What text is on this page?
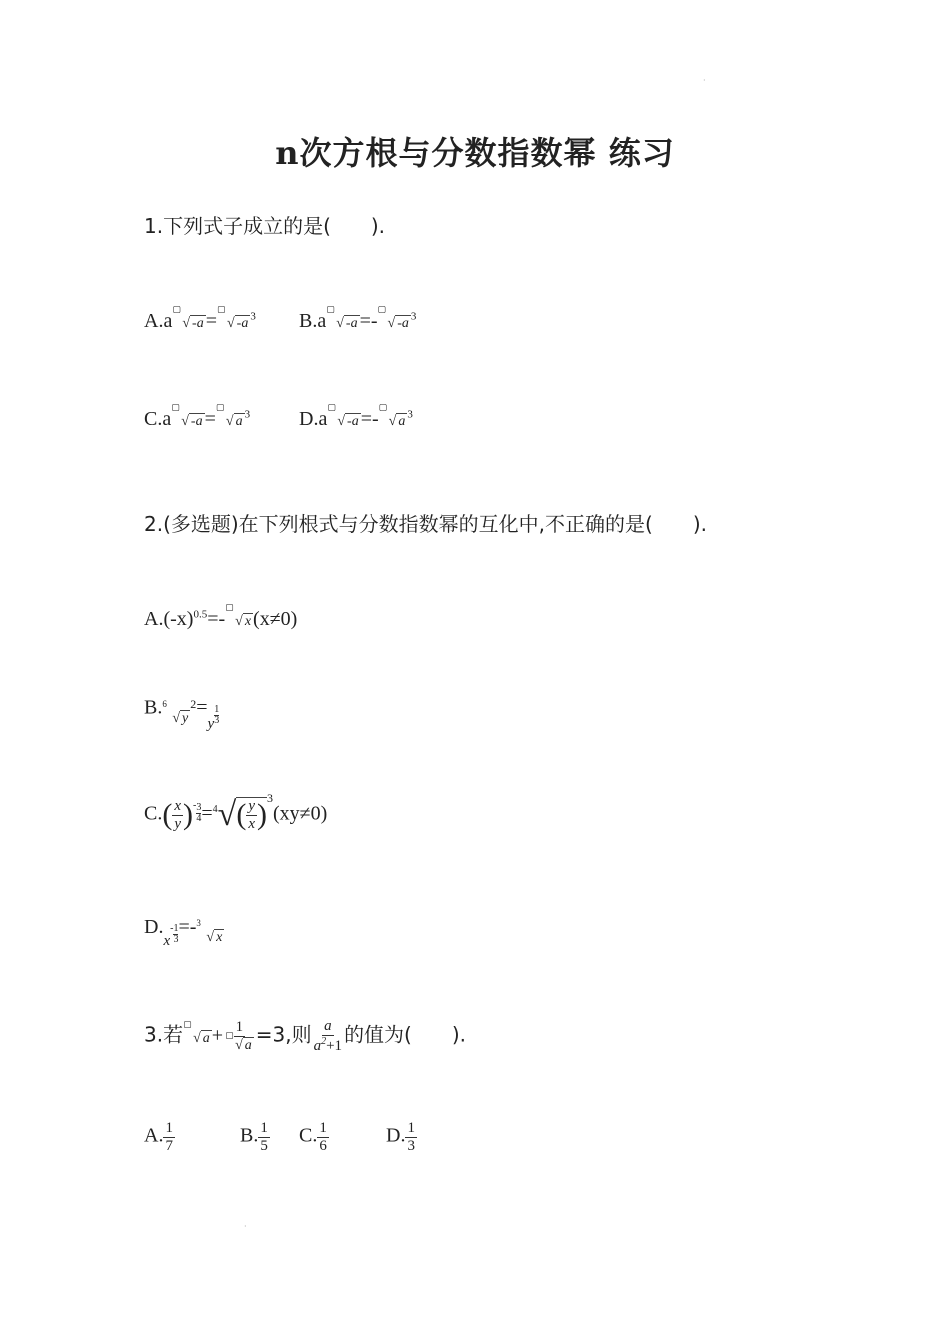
n次方根与分数指数幂 练习
1.下列式子成立的是(　　).
A.a
▢
√ -a =
▢
√ -a $^3$ B.a
▢
√ -a =-
▢
√ -a $^3$
C.a
▢
√ -a =
▢
√ a $^3$ D.a
▢
√ -a =-
▢
√ a $^3$
2.(多选题)在下列根式与分数指数幂的互化中,不正确的是(　　).
$A.(-x)^{0.5}=-$
▢
√ x (x≠0)
B. 6
√ $y^2=_y \frac{1}{3}$
$C.( \frac{x}{y} )^- \frac{3}{4} =^4√( \frac{y}{x} )^3(xy\ne 0)$
$D._x- \frac{1}{3} =- 3$
√ x
3.若 ▢
√ a + 1
▢
√ a =3,则 $\frac{a}{a^2+1}$ 的值为(　　).
A. $\frac{1}{7}$	B. $\frac{1}{5} C$. $\frac{1}{6}$	D. $\frac{1}{3}$
·
·
